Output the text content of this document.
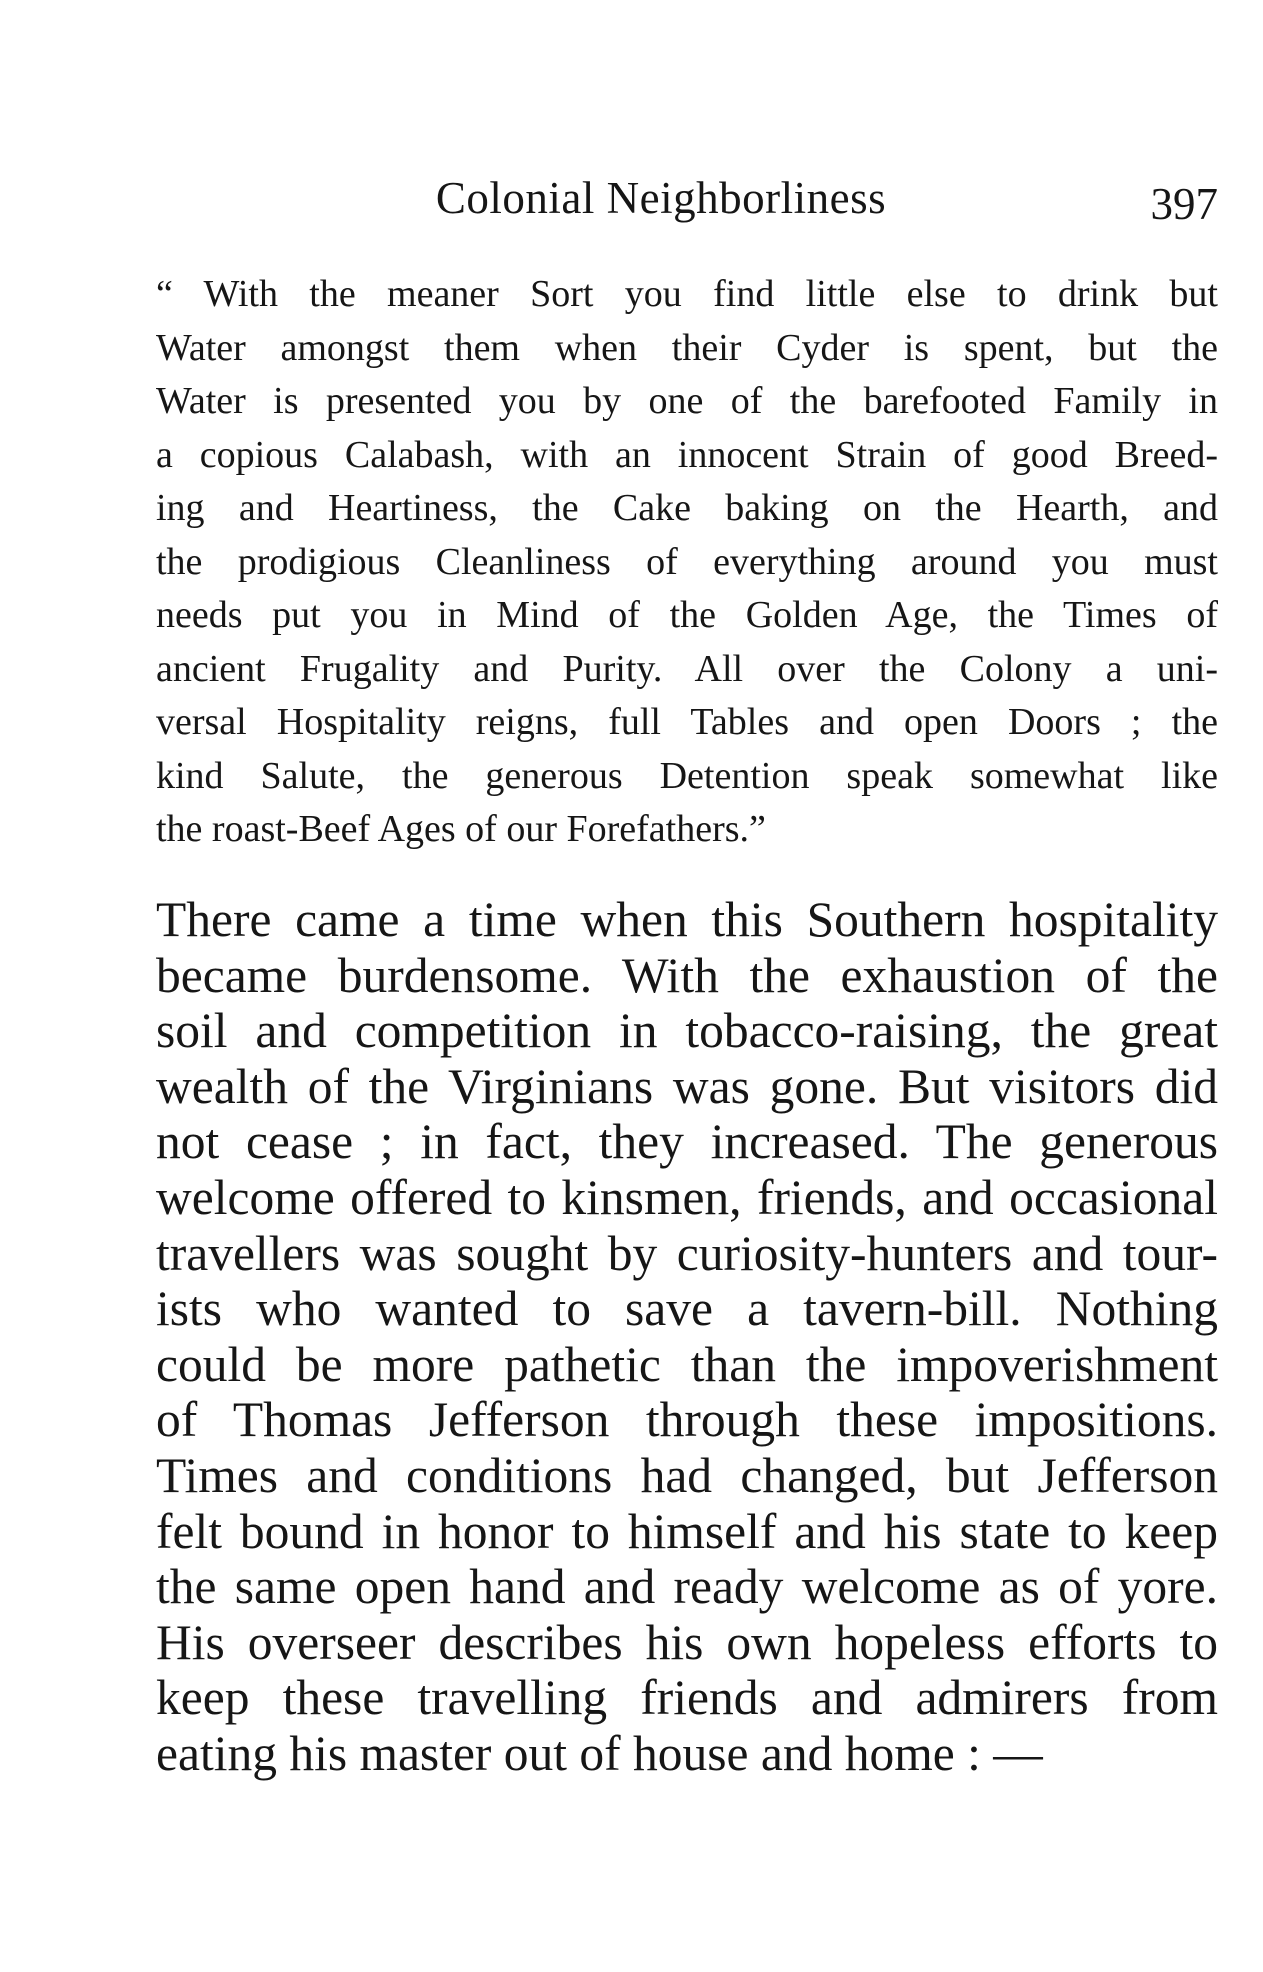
Colonial Neighborliness	397
“ With the meaner Sort you find little else to drink but
Water amongst them when their Cyder is spent, but the
Water is presented you by one of the barefooted Family in
a copious Calabash, with an innocent Strain of good Breed-
ing and Heartiness, the Cake baking on the Hearth, and
the prodigious Cleanliness of everything around you must
needs put you in Mind of the Golden Age, the Times of
ancient Frugality and Purity. All over the Colony a uni-
versal Hospitality reigns, full Tables and open Doors ; the
kind Salute, the generous Detention speak somewhat like
the roast-Beef Ages of our Forefathers.”
There came a time when this Southern hospitality
became burdensome. With the exhaustion of the
soil and competition in tobacco-raising, the great
wealth of the Virginians was gone. But visitors did
not cease ; in fact, they increased. The generous
welcome offered to kinsmen, friends, and occasional
travellers was sought by curiosity-hunters and tour-
ists who wanted to save a tavern-bill. Nothing
could be more pathetic than the impoverishment
of Thomas Jefferson through these impositions.
Times and conditions had changed, but Jefferson
felt bound in honor to himself and his state to keep
the same open hand and ready welcome as of yore.
His overseer describes his own hopeless efforts to
keep these travelling friends and admirers from
eating his master out of house and home : —
